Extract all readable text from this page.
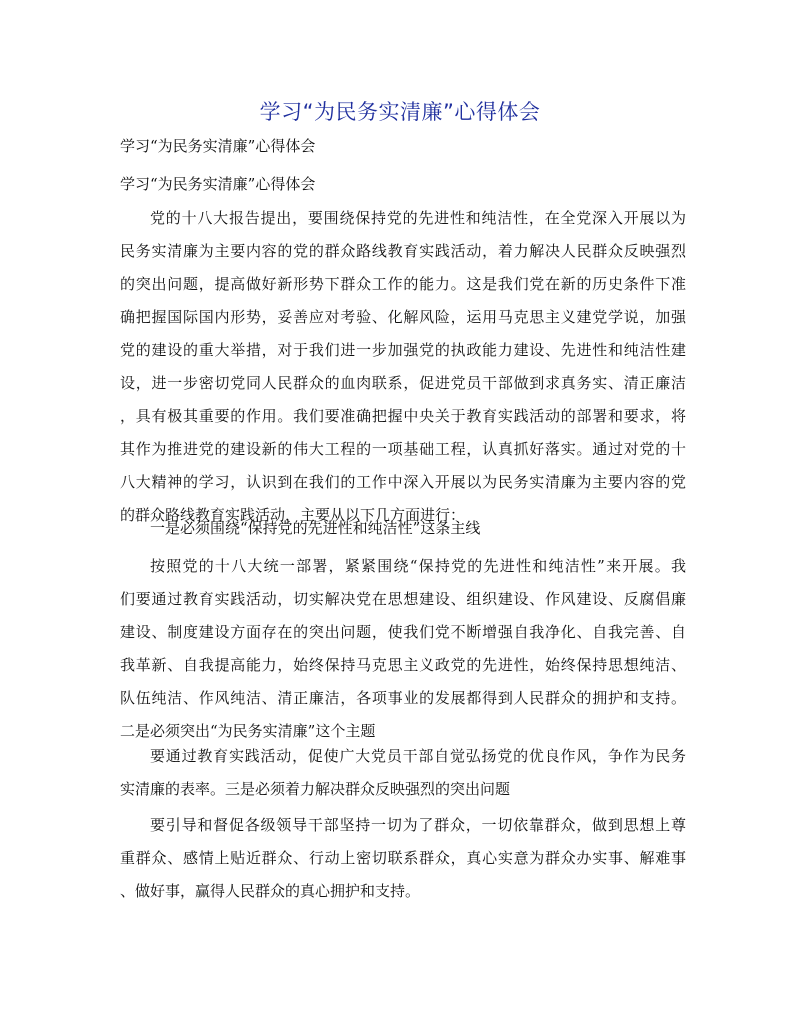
学习“为民务实清廉”心得体会
学习“为民务实清廉”心得体会
学习“为民务实清廉”心得体会
党的十八大报告提出，要围绕保持党的先进性和纯洁性，在全党深入开展以为
民务实清廉为主要内容的党的群众路线教育实践活动，着力解决人民群众反映强烈
的突出问题，提高做好新形势下群众工作的能力。这是我们党在新的历史条件下准
确把握国际国内形势，妥善应对考验、化解风险，运用马克思主义建党学说，加强
党的建设的重大举措，对于我们进一步加强党的执政能力建设、先进性和纯洁性建
设，进一步密切党同人民群众的血肉联系，促进党员干部做到求真务实、清正廉洁
，具有极其重要的作用。我们要准确把握中央关于教育实践活动的部署和要求，将
其作为推进党的建设新的伟大工程的一项基础工程，认真抓好落实。通过对党的十
八大精神的学习，认识到在我们的工作中深入开展以为民务实清廉为主要内容的党
的群众路线教育实践活动，主要从以下几方面进行：
一是必须围绕“保持党的先进性和纯洁性”这条主线
按照党的十八大统一部署，紧紧围绕“保持党的先进性和纯洁性”来开展。我
们要通过教育实践活动，切实解决党在思想建设、组织建设、作风建设、反腐倡廉
建设、制度建设方面存在的突出问题，使我们党不断增强自我净化、自我完善、自
我革新、自我提高能力，始终保持马克思主义政党的先进性，始终保持思想纯洁、
队伍纯洁、作风纯洁、清正廉洁，各项事业的发展都得到人民群众的拥护和支持。
二是必须突出“为民务实清廉”这个主题
要通过教育实践活动，促使广大党员干部自觉弘扬党的优良作风，争作为民务
实清廉的表率。三是必须着力解决群众反映强烈的突出问题
要引导和督促各级领导干部坚持一切为了群众，一切依靠群众，做到思想上尊
重群众、感情上贴近群众、行动上密切联系群众，真心实意为群众办实事、解难事
、做好事，赢得人民群众的真心拥护和支持。
